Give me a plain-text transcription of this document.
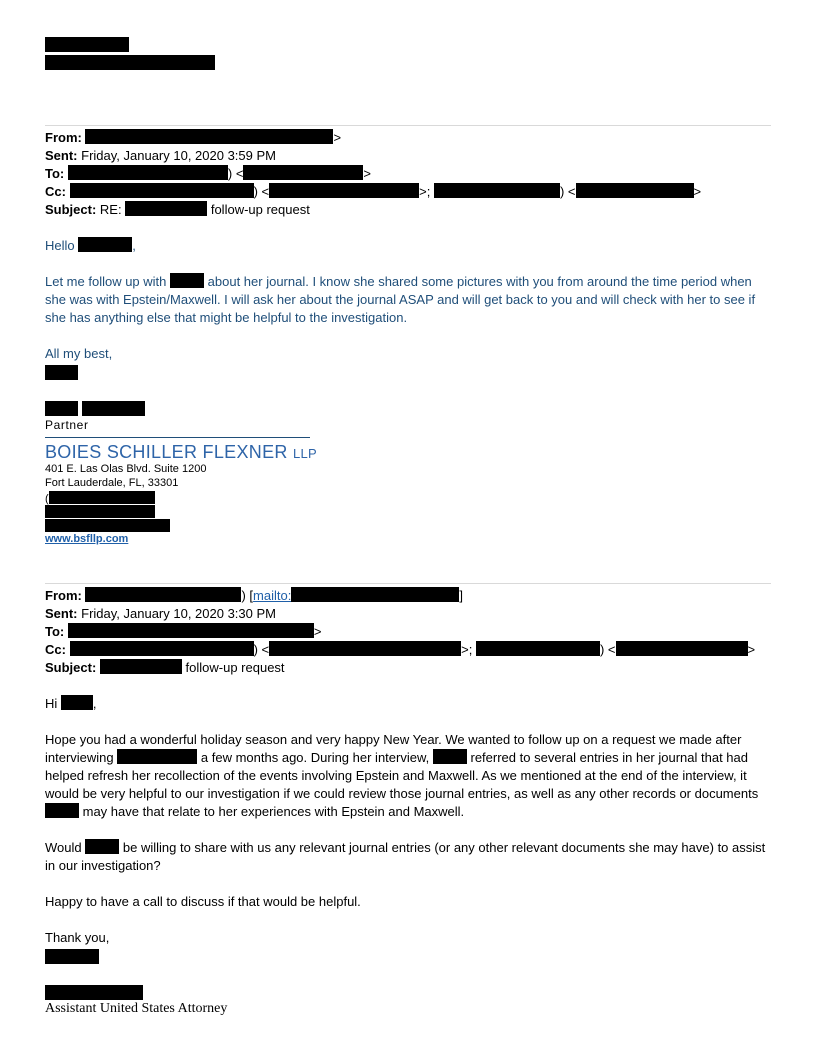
From:	>
Sent: Friday, January 10, 2020 3:59 PM
To:	) <	>
Cc:	) <	>;	) <	>
Subject: RE:	follow-up request
Hello	,
Let me follow up with	about her journal. I know she shared some pictures with you from around the time period when she was with Epstein/Maxwell. I will ask her about the journal ASAP and will get back to you and will check with her to see if she has anything else that might be helpful to the investigation.
All my best,
Partner
BOIES SCHILLER FLEXNER LLP
401 E. Las Olas Blvd. Suite 1200
Fort Lauderdale, FL, 33301
(
www.bsfllp.com
From:	) [mailto:	]
Sent: Friday, January 10, 2020 3:30 PM
To:	>
Cc:	) <	>;	) <	>
Subject:	follow-up request
Hi	,
Hope you had a wonderful holiday season and very happy New Year. We wanted to follow up on a request we made after interviewing	a few months ago. During her interview,	referred to several entries in her journal that had helped refresh her recollection of the events involving Epstein and Maxwell. As we mentioned at the end of the interview, it would be very helpful to our investigation if we could review those journal entries, as well as any other records or documents  may have that relate to her experiences with Epstein and Maxwell.
Would	be willing to share with us any relevant journal entries (or any other relevant documents she may have) to assist in our investigation?
Happy to have a call to discuss if that would be helpful.
Thank you,
Assistant United States Attorney
